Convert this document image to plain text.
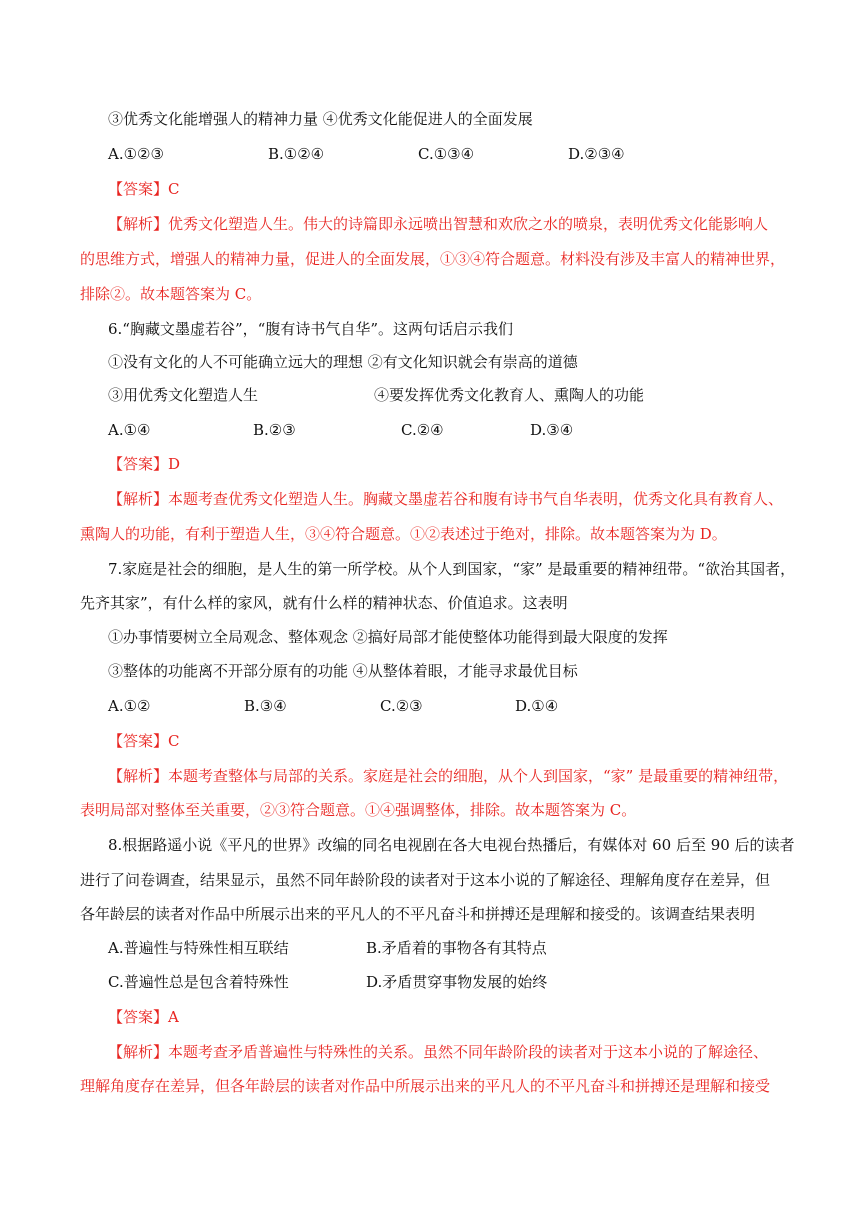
③优秀文化能增强人的精神力量 ④优秀文化能促进人的全面发展
A.①②③	B.①②④	C.①③④	D.②③④
【答案】C
【解析】优秀文化塑造人生。伟大的诗篇即永远喷出智慧和欢欣之水的喷泉，表明优秀文化能影响人
的思维方式，增强人的精神力量，促进人的全面发展，①③④符合题意。材料没有涉及丰富人的精神世界，
排除②。故本题答案为 C。
6.“胸藏文墨虚若谷”，“腹有诗书气自华”。这两句话启示我们
①没有文化的人不可能确立远大的理想 ②有文化知识就会有崇高的道德
③用优秀文化塑造人生	④要发挥优秀文化教育人、熏陶人的功能
A.①④	B.②③	C.②④	D.③④
【答案】D
【解析】本题考查优秀文化塑造人生。胸藏文墨虚若谷和腹有诗书气自华表明，优秀文化具有教育人、
熏陶人的功能，有利于塑造人生，③④符合题意。①②表述过于绝对，排除。故本题答案为为 D。
7.家庭是社会的细胞，是人生的第一所学校。从个人到国家，“家” 是最重要的精神纽带。“欲治其国者，
先齐其家”，有什么样的家风，就有什么样的精神状态、价值追求。这表明
①办事情要树立全局观念、整体观念 ②搞好局部才能使整体功能得到最大限度的发挥
③整体的功能离不开部分原有的功能 ④从整体着眼，才能寻求最优目标
A.①②	B.③④	C.②③	D.①④
【答案】C
【解析】本题考查整体与局部的关系。家庭是社会的细胞，从个人到国家，“家” 是最重要的精神纽带，
表明局部对整体至关重要，②③符合题意。①④强调整体，排除。故本题答案为 C。
8.根据路遥小说《平凡的世界》改编的同名电视剧在各大电视台热播后，有媒体对 60 后至 90 后的读者
进行了问卷调查，结果显示，虽然不同年龄阶段的读者对于这本小说的了解途径、理解角度存在差异，但
各年龄层的读者对作品中所展示出来的平凡人的不平凡奋斗和拼搏还是理解和接受的。该调查结果表明
A.普遍性与特殊性相互联结	B.矛盾着的事物各有其特点
C.普遍性总是包含着特殊性	D.矛盾贯穿事物发展的始终
【答案】A
【解析】本题考查矛盾普遍性与特殊性的关系。虽然不同年龄阶段的读者对于这本小说的了解途径、
理解角度存在差异，但各年龄层的读者对作品中所展示出来的平凡人的不平凡奋斗和拼搏还是理解和接受
